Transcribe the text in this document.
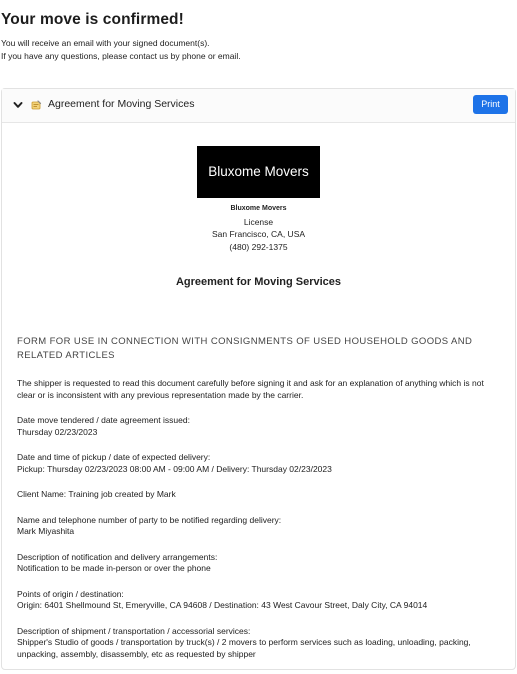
Your move is confirmed!
You will receive an email with your signed document(s).
If you have any questions, please contact us by phone or email.
Agreement for Moving Services	Print
Bluxome Movers
Bluxome Movers
License
San Francisco, CA, USA
(480) 292-1375
Agreement for Moving Services
FORM FOR USE IN CONNECTION WITH CONSIGNMENTS OF USED HOUSEHOLD GOODS AND RELATED ARTICLES
The shipper is requested to read this document carefully before signing it and ask for an explanation of anything which is not clear or is inconsistent with any previous representation made by the carrier.
Date move tendered / date agreement issued:
Thursday 02/23/2023
Date and time of pickup / date of expected delivery:
Pickup: Thursday 02/23/2023 08:00 AM - 09:00 AM / Delivery: Thursday 02/23/2023
Client Name: Training job created by Mark
Name and telephone number of party to be notified regarding delivery:
Mark Miyashita
Description of notification and delivery arrangements:
Notification to be made in-person or over the phone
Points of origin / destination:
Origin: 6401 Shellmound St, Emeryville, CA 94608 / Destination: 43 West Cavour Street, Daly City, CA 94014
Description of shipment / transportation / accessorial services:
Shipper's Studio of goods / transportation by truck(s) / 2 movers to perform services such as loading, unloading, packing, unpacking, assembly, disassembly, etc as requested by shipper
